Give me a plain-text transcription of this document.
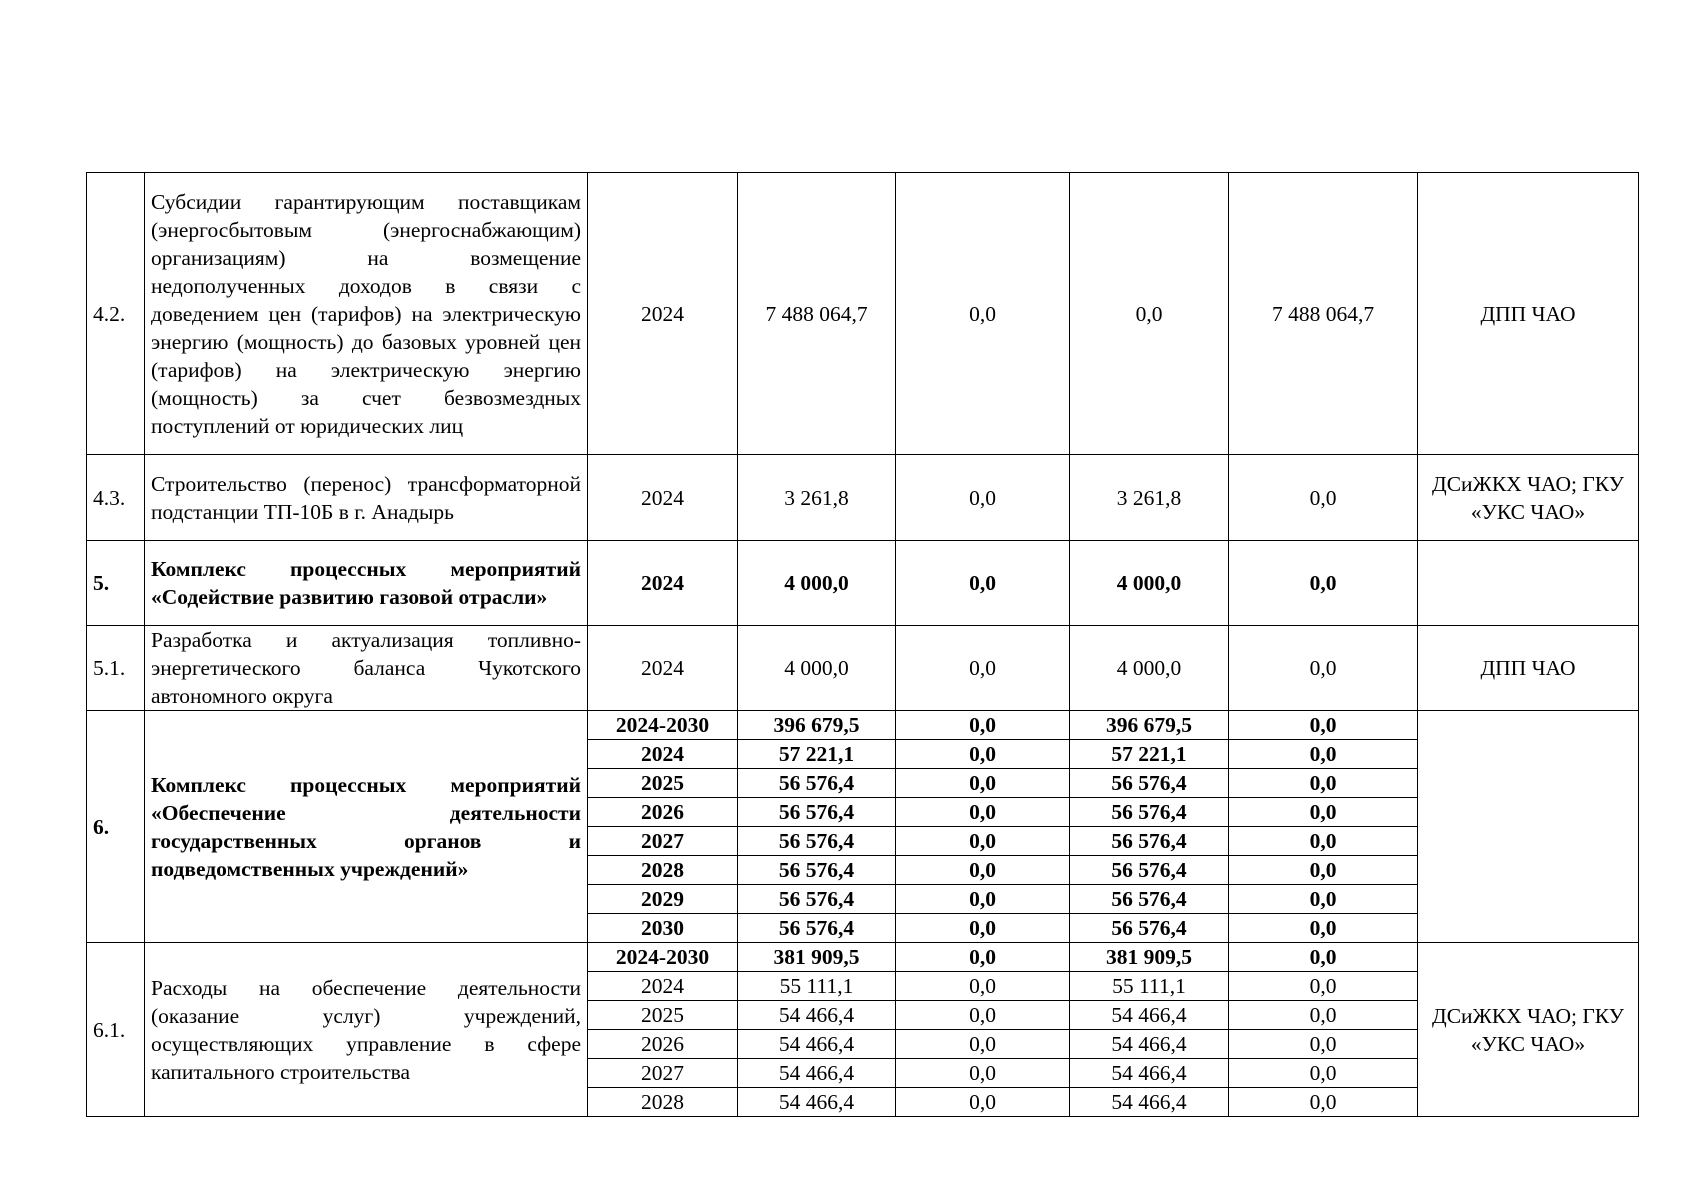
4.2.	Субсидии гарантирующим поставщикам (энергосбытовым (энергоснабжающим) организациям) на возмещение недополученных доходов в связи с доведением цен (тарифов) на электрическую энергию (мощность) до базовых уровней цен (тарифов) на электрическую энергию (мощность) за счет безвозмездных поступлений от юридических лиц	2024	7 488 064,7	0,0	0,0	7 488 064,7	ДПП ЧАО
4.3.	Строительство (перенос) трансформаторной подстанции ТП-10Б в г. Анадырь	2024	3 261,8	0,0	3 261,8	0,0	ДСиЖКХ ЧАО; ГКУ «УКС ЧАО»
5.	Комплекс процессных мероприятий «Содействие развитию газовой отрасли»	2024	4 000,0	0,0	4 000,0	0,0	
5.1.	Разработка и актуализация топливно-энергетического баланса Чукотского автономного округа	2024	4 000,0	0,0	4 000,0	0,0	ДПП ЧАО
6.	Комплекс процессных мероприятий «Обеспечение деятельности государственных органов и подведомственных учреждений»	2024-2030	396 679,5	0,0	396 679,5	0,0	
		2024	57 221,1	0,0	57 221,1	0,0	
		2025	56 576,4	0,0	56 576,4	0,0	
		2026	56 576,4	0,0	56 576,4	0,0	
		2027	56 576,4	0,0	56 576,4	0,0	
		2028	56 576,4	0,0	56 576,4	0,0	
		2029	56 576,4	0,0	56 576,4	0,0	
		2030	56 576,4	0,0	56 576,4	0,0	
6.1.	Расходы на обеспечение деятельности (оказание услуг) учреждений, осуществляющих управление в сфере капитального строительства	2024-2030	381 909,5	0,0	381 909,5	0,0	ДСиЖКХ ЧАО; ГКУ «УКС ЧАО»
		2024	55 111,1	0,0	55 111,1	0,0	
		2025	54 466,4	0,0	54 466,4	0,0	
		2026	54 466,4	0,0	54 466,4	0,0	
		2027	54 466,4	0,0	54 466,4	0,0	
		2028	54 466,4	0,0	54 466,4	0,0	
